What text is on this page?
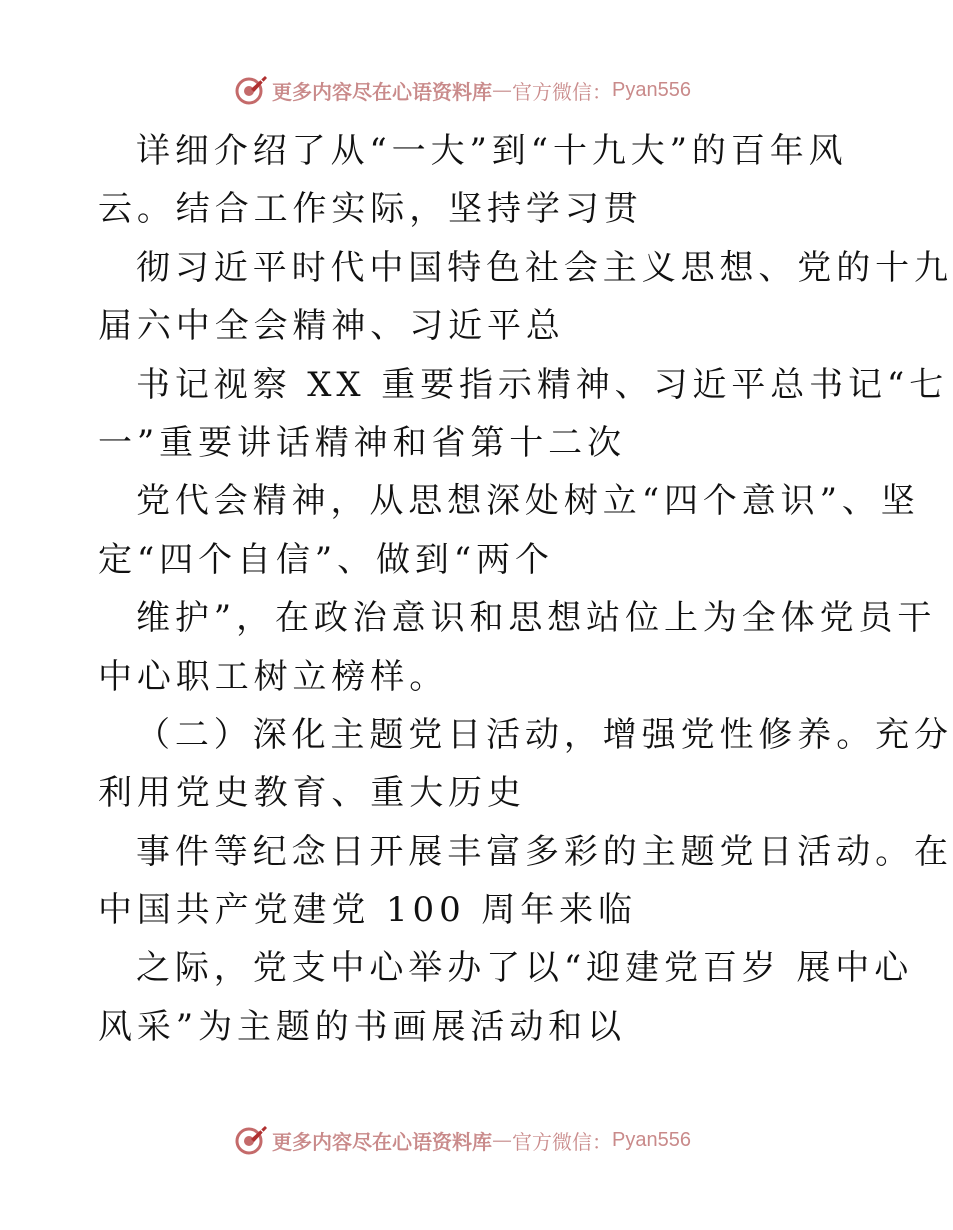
更多内容尽在心语资料库 — 官方微信： Pyan556
详细介绍了从“一大”到“十九大”的百年风
云。结合工作实际，坚持学习贯
彻习近平时代中国特色社会主义思想、党的十九
届六中全会精神、习近平总
书记视察 XX 重要指示精神、习近平总书记“七
一”重要讲话精神和省第十二次
党代会精神，从思想深处树立“四个意识”、坚
定“四个自信”、做到“两个
维护”，在政治意识和思想站位上为全体党员干
中心职工树立榜样。
（二）深化主题党日活动，增强党性修养。充分
利用党史教育、重大历史
事件等纪念日开展丰富多彩的主题党日活动。在
中国共产党建党 100 周年来临
之际，党支中心举办了以“迎建党百岁 展中心
风采”为主题的书画展活动和以
更多内容尽在心语资料库 — 官方微信： Pyan556
